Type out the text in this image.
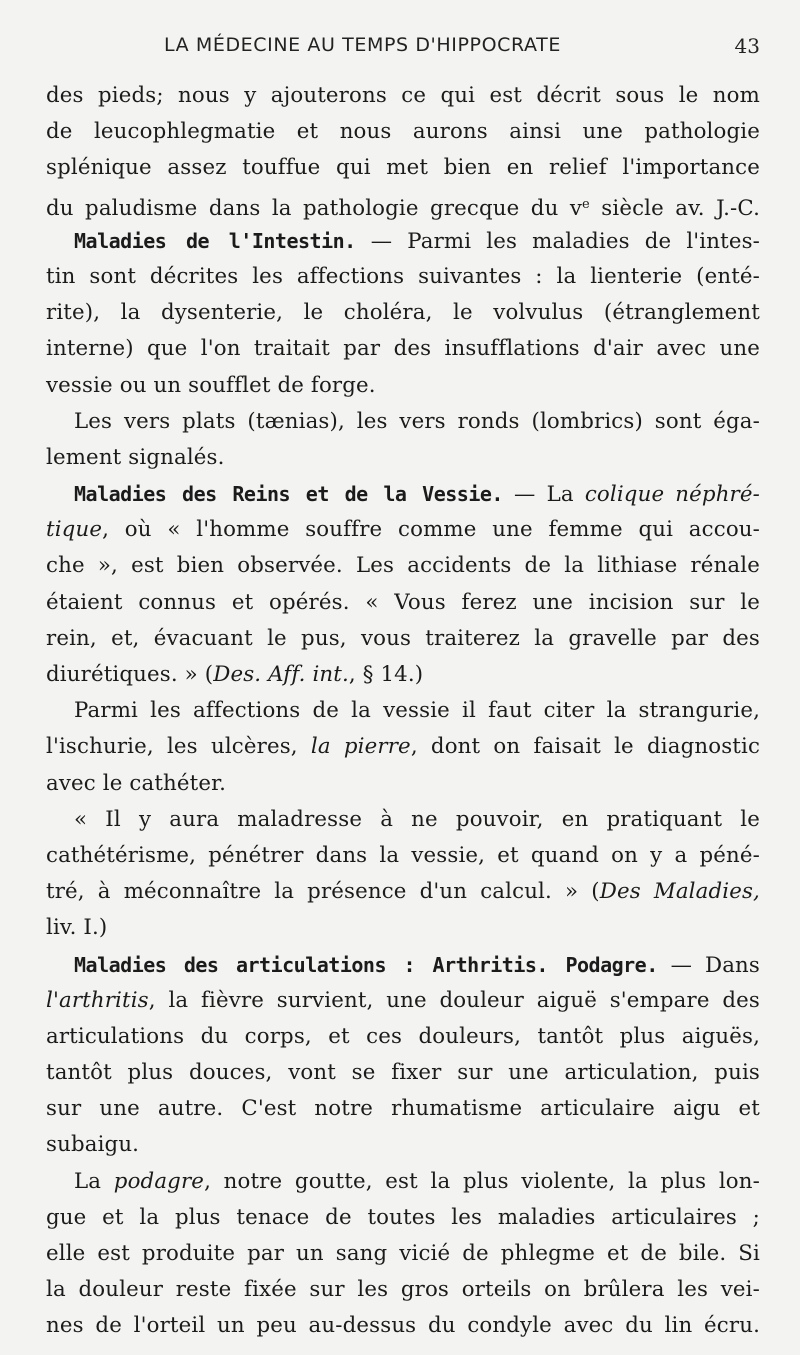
LA MÉDECINE AU TEMPS D'HIPPOCRATE	43
des pieds; nous y ajouterons ce qui est décrit sous le nom
de leucophlegmatie et nous aurons ainsi une pathologie
splénique assez touffue qui met bien en relief l'importance
du paludisme dans la pathologie grecque du $v^e$ siècle av. J.-C.
Maladies de l'Intestin. — Parmi les maladies de l'intes-
tin sont décrites les affections suivantes : la lienterie (enté-
rite), la dysenterie, le choléra, le volvulus (étranglement
interne) que l'on traitait par des insufflations d'air avec une
vessie ou un soufflet de forge.
Les vers plats (tænias), les vers ronds (lombrics) sont éga-
lement signalés.
Maladies des Reins et de la Vessie. — La colique néphré-
tique, où « l'homme souffre comme une femme qui accou-
che », est bien observée. Les accidents de la lithiase rénale
étaient connus et opérés. « Vous ferez une incision sur le
rein, et, évacuant le pus, vous traiterez la gravelle par des
diurétiques. » (Des. Aff. int., § 14.)
Parmi les affections de la vessie il faut citer la strangurie,
l'ischurie, les ulcères, la pierre, dont on faisait le diagnostic
avec le cathéter.
« Il y aura maladresse à ne pouvoir, en pratiquant le
cathétérisme, pénétrer dans la vessie, et quand on y a péné-
tré, à méconnaître la présence d'un calcul. » (Des Maladies,
liv. I.)
Maladies des articulations : Arthritis. Podagre. — Dans
l'arthritis, la fièvre survient, une douleur aiguë s'empare des
articulations du corps, et ces douleurs, tantôt plus aiguës,
tantôt plus douces, vont se fixer sur une articulation, puis
sur une autre. C'est notre rhumatisme articulaire aigu et
subaigu.
La podagre, notre goutte, est la plus violente, la plus lon-
gue et la plus tenace de toutes les maladies articulaires ;
elle est produite par un sang vicié de phlegme et de bile. Si
la douleur reste fixée sur les gros orteils on brûlera les vei-
nes de l'orteil un peu au-dessus du condyle avec du lin écru.
